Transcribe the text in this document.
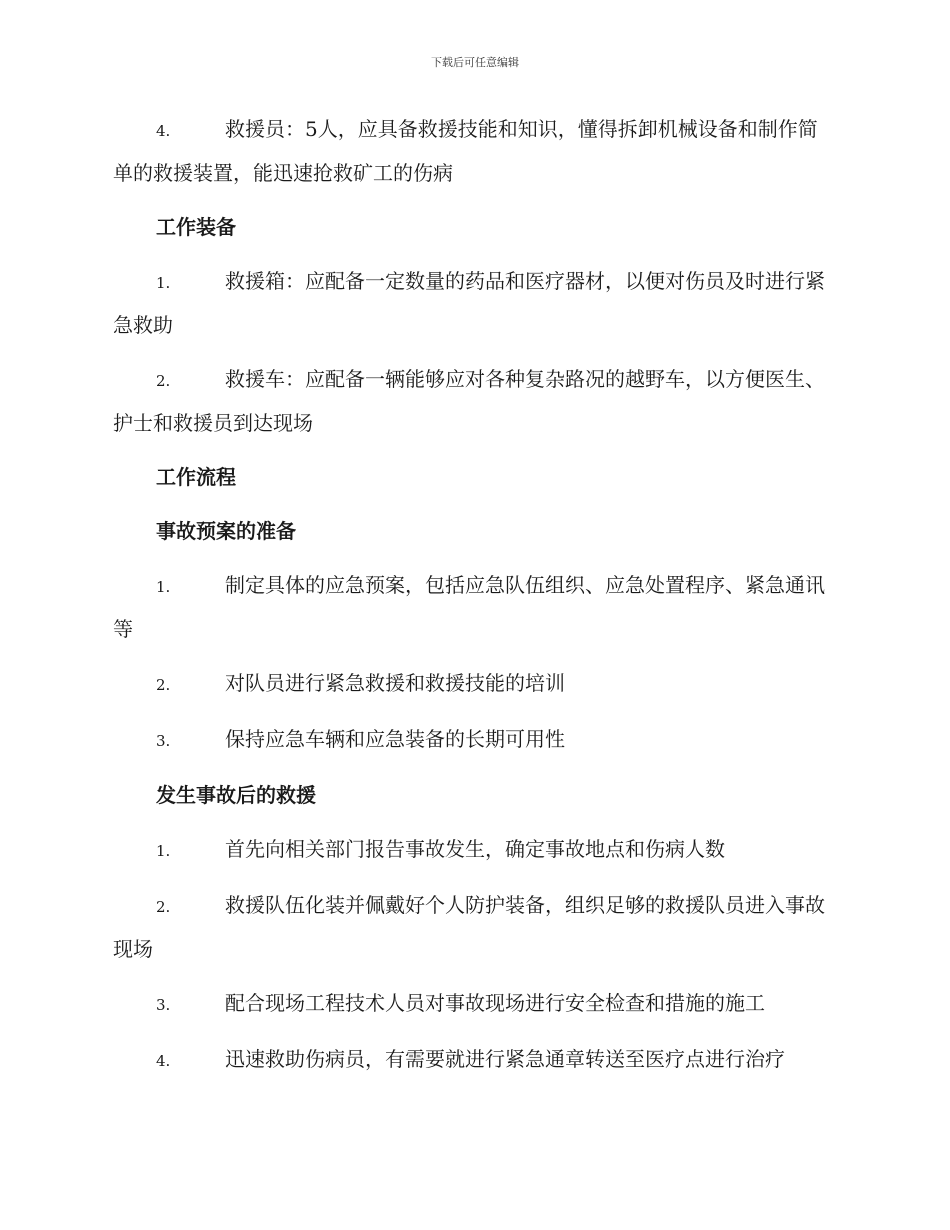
下载后可任意编辑
4.	救援员：5人，应具备救援技能和知识，懂得拆卸机械设备和制作简单的救援装置，能迅速抢救矿工的伤病
工作装备
1.	救援箱：应配备一定数量的药品和医疗器材，以便对伤员及时进行紧急救助
2.	救援车：应配备一辆能够应对各种复杂路况的越野车，以方便医生、护士和救援员到达现场
工作流程
事故预案的准备
1.	制定具体的应急预案，包括应急队伍组织、应急处置程序、紧急通讯等
2.	对队员进行紧急救援和救援技能的培训
3.	保持应急车辆和应急装备的长期可用性
发生事故后的救援
1.	首先向相关部门报告事故发生，确定事故地点和伤病人数
2.	救援队伍化装并佩戴好个人防护装备，组织足够的救援队员进入事故现场
3.	配合现场工程技术人员对事故现场进行安全检查和措施的施工
4.	迅速救助伤病员，有需要就进行紧急通章转送至医疗点进行治疗
